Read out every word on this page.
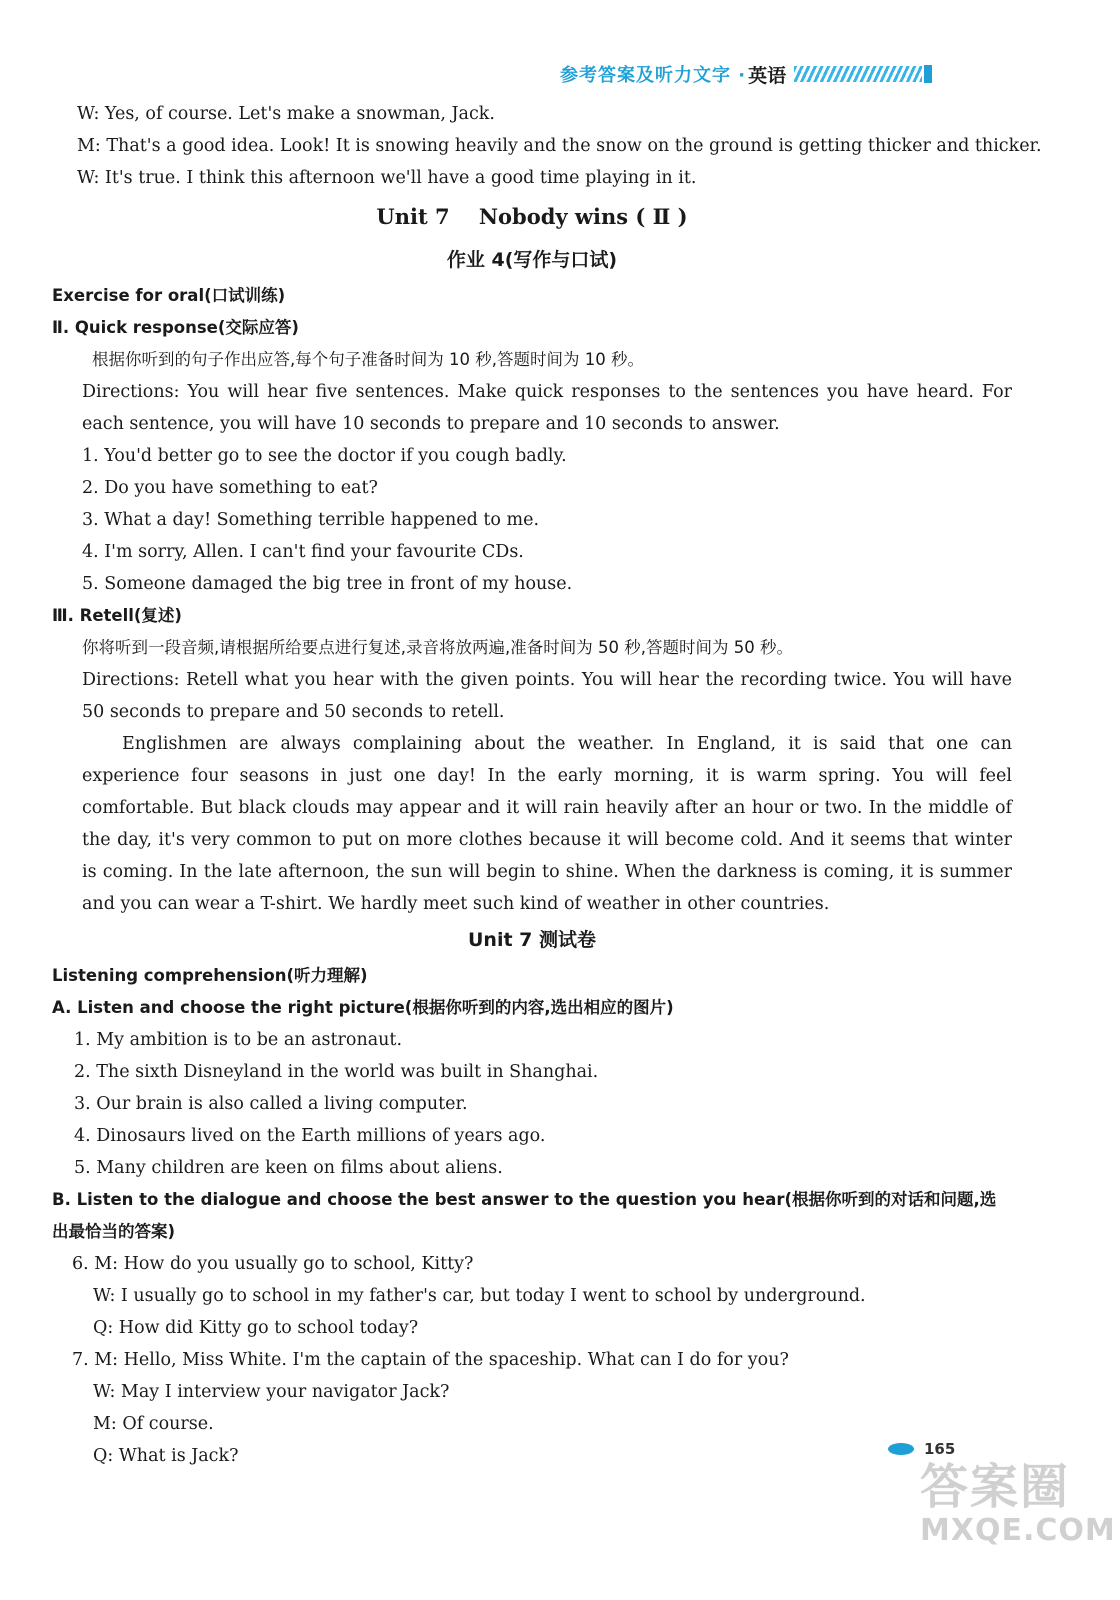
参考答案及听力文字 · 英语
W: Yes, of course. Let's make a snowman, Jack.
M: That's a good idea. Look! It is snowing heavily and the snow on the ground is getting thicker and thicker.
W: It's true. I think this afternoon we'll have a good time playing in it.
Unit 7    Nobody wins ( Ⅱ )
作业 4(写作与口试)
Exercise for oral(口试训练)
Ⅱ. Quick response(交际应答)
根据你听到的句子作出应答,每个句子准备时间为 10 秒,答题时间为 10 秒。
Directions: You will hear five sentences. Make quick responses to the sentences you have heard. For each sentence, you will have 10 seconds to prepare and 10 seconds to answer.
1. You'd better go to see the doctor if you cough badly.
2. Do you have something to eat?
3. What a day! Something terrible happened to me.
4. I'm sorry, Allen. I can't find your favourite CDs.
5. Someone damaged the big tree in front of my house.
Ⅲ. Retell(复述)
你将听到一段音频,请根据所给要点进行复述,录音将放两遍,准备时间为 50 秒,答题时间为 50 秒。
Directions: Retell what you hear with the given points. You will hear the recording twice. You will have 50 seconds to prepare and 50 seconds to retell.
Englishmen are always complaining about the weather. In England, it is said that one can experience four seasons in just one day! In the early morning, it is warm spring. You will feel comfortable. But black clouds may appear and it will rain heavily after an hour or two. In the middle of the day, it's very common to put on more clothes because it will become cold. And it seems that winter is coming. In the late afternoon, the sun will begin to shine. When the darkness is coming, it is summer and you can wear a T-shirt. We hardly meet such kind of weather in other countries.
Unit 7 测试卷
Listening comprehension(听力理解)
A. Listen and choose the right picture(根据你听到的内容,选出相应的图片)
1. My ambition is to be an astronaut.
2. The sixth Disneyland in the world was built in Shanghai.
3. Our brain is also called a living computer.
4. Dinosaurs lived on the Earth millions of years ago.
5. Many children are keen on films about aliens.
B. Listen to the dialogue and choose the best answer to the question you hear(根据你听到的对话和问题,选出最恰当的答案)
6. M: How do you usually go to school, Kitty?
W: I usually go to school in my father's car, but today I went to school by underground.
Q: How did Kitty go to school today?
7. M: Hello, Miss White. I'm the captain of the spaceship. What can I do for you?
W: May I interview your navigator Jack?
M: Of course.
Q: What is Jack?	165
答案圈
MXQE.COM
